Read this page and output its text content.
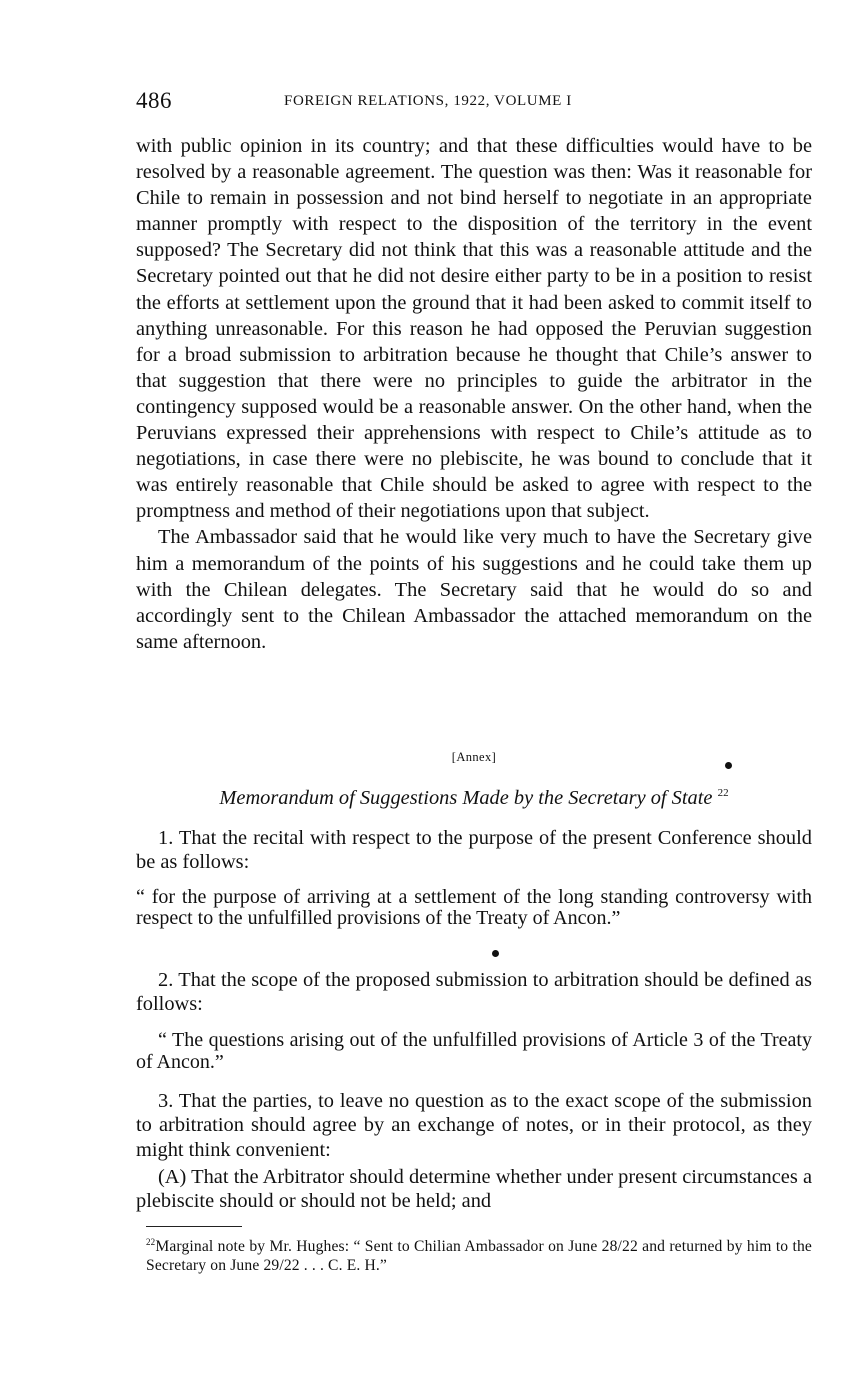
486	FOREIGN RELATIONS, 1922, VOLUME I

with public opinion in its country; and that these difficulties would have to be resolved by a reasonable agreement. The question was then: Was it reasonable for Chile to remain in possession and not bind herself to negotiate in an appropriate manner promptly with respect to the disposition of the territory in the event supposed? The Secretary did not think that this was a reasonable attitude and the Secretary pointed out that he did not desire either party to be in a position to resist the efforts at settlement upon the ground that it had been asked to commit itself to anything unreasonable. For this reason he had opposed the Peruvian suggestion for a broad submission to arbitration because he thought that Chile’s answer to that suggestion that there were no principles to guide the arbitrator in the contingency supposed would be a reasonable answer. On the other hand, when the Peruvians expressed their apprehensions with respect to Chile’s attitude as to negotiations, in case there were no plebiscite, he was bound to conclude that it was entirely reasonable that Chile should be asked to agree with respect to the promptness and method of their negotiations upon that subject.

The Ambassador said that he would like very much to have the Secretary give him a memorandum of the points of his suggestions and he could take them up with the Chilean delegates. The Secretary said that he would do so and accordingly sent to the Chilean Ambassador the attached memorandum on the same afternoon.

[Annex]
Memorandum of Suggestions Made by the Secretary of State $^{22}$

1. That the recital with respect to the purpose of the present Conference should be as follows:

“ for the purpose of arriving at a settlement of the long standing controversy with respect to the unfulfilled provisions of the Treaty of Ancon.”

2. That the scope of the proposed submission to arbitration should be defined as follows:

“ The questions arising out of the unfulfilled provisions of Article 3 of the Treaty of Ancon.”

3. That the parties, to leave no question as to the exact scope of the submission to arbitration should agree by an exchange of notes, or in their protocol, as they might think convenient:

(A) That the Arbitrator should determine whether under present circumstances a plebiscite should or should not be held; and

$^{22}$Marginal note by Mr. Hughes: “ Sent to Chilian Ambassador on June 28/22 and returned by him to the Secretary on June 29/22 . . . C. E. H.”
